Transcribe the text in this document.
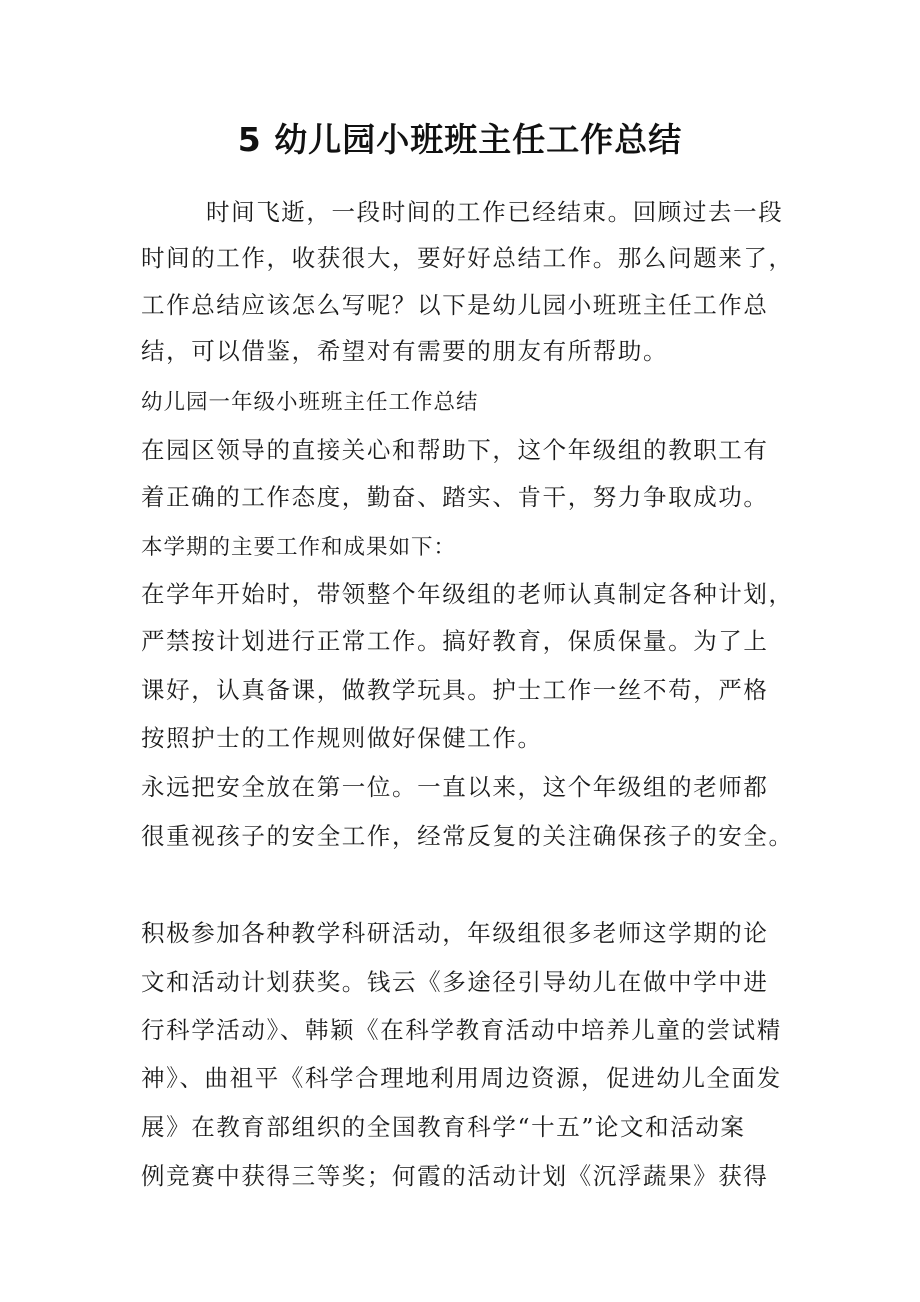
5 幼儿园小班班主任工作总结
时间飞逝，一段时间的工作已经结束。回顾过去一段
时间的工作，收获很大，要好好总结工作。那么问题来了，
工作总结应该怎么写呢？以下是幼儿园小班班主任工作总
结，可以借鉴，希望对有需要的朋友有所帮助。
幼儿园一年级小班班主任工作总结
在园区领导的直接关心和帮助下，这个年级组的教职工有
着正确的工作态度，勤奋、踏实、肯干，努力争取成功。
本学期的主要工作和成果如下：
在学年开始时，带领整个年级组的老师认真制定各种计划，
严禁按计划进行正常工作。搞好教育，保质保量。为了上
课好，认真备课，做教学玩具。护士工作一丝不苟，严格
按照护士的工作规则做好保健工作。
永远把安全放在第一位。一直以来，这个年级组的老师都
很重视孩子的安全工作，经常反复的关注确保孩子的安全。
积极参加各种教学科研活动，年级组很多老师这学期的论
文和活动计划获奖。钱云《多途径引导幼儿在做中学中进
行科学活动》、韩颖《在科学教育活动中培养儿童的尝试精
神》、曲祖平《科学合理地利用周边资源，促进幼儿全面发
展》在教育部组织的全国教育科学“十五”论文和活动案
例竞赛中获得三等奖；何霞的活动计划《沉浮蔬果》获得
